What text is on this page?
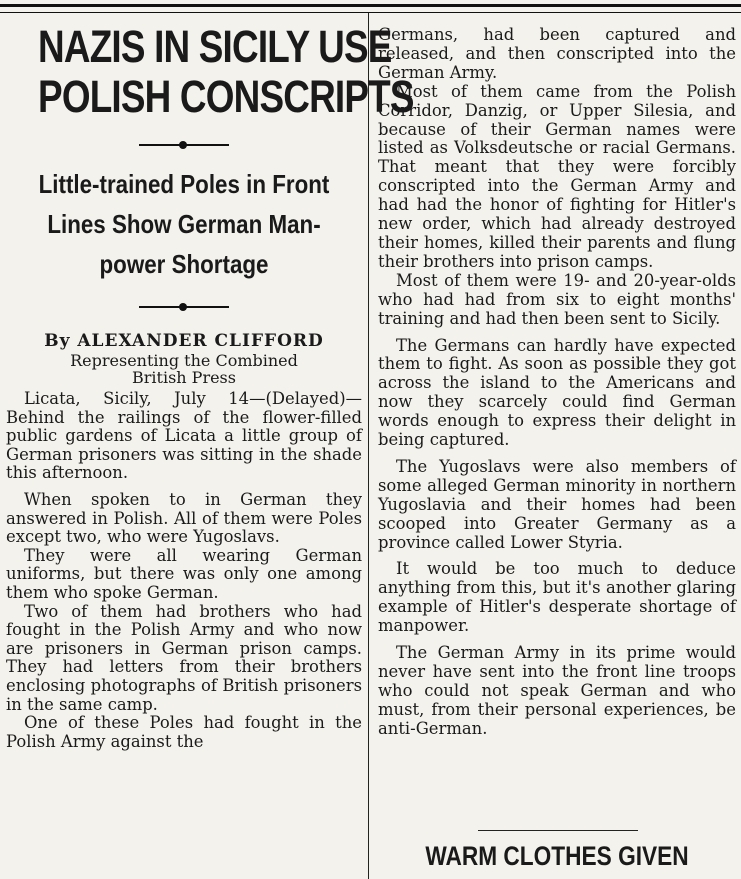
NAZIS IN SICILY USE
POLISH CONSCRIPTS
Little-trained Poles in Front
Lines Show German Man-
power Shortage

By ALEXANDER CLIFFORD

Representing the Combined

British Press

Licata, Sicily, July 14—(Delayed)—Behind the railings of the flower-filled public gardens of Licata a little group of German prisoners was sitting in the shade this afternoon.

When spoken to in German they answered in Polish. All of them were Poles except two, who were Yugoslavs.

They were all wearing German uniforms, but there was only one among them who spoke German.

Two of them had brothers who had fought in the Polish Army and who now are prisoners in German prison camps. They had letters from their brothers enclosing photographs of British prisoners in the same camp.

One of these Poles had fought in the Polish Army against the

Germans, had been captured and released, and then conscripted into the German Army.

Most of them came from the Polish Corridor, Danzig, or Upper Silesia, and because of their German names were listed as Volksdeutsche or racial Germans. That meant that they were forcibly conscripted into the German Army and had had the honor of fighting for Hitler's new order, which had already destroyed their homes, killed their parents and flung their brothers into prison camps.

Most of them were 19- and 20-year-olds who had had from six to eight months' training and had then been sent to Sicily.

The Germans can hardly have expected them to fight. As soon as possible they got across the island to the Americans and now they scarcely could find German words enough to express their delight in being captured.

The Yugoslavs were also members of some alleged German minority in northern Yugoslavia and their homes had been scooped into Greater Germany as a province called Lower Styria.

It would be too much to deduce anything from this, but it's another glaring example of Hitler's desperate shortage of manpower.

The German Army in its prime would never have sent into the front line troops who could not speak German and who must, from their personal experiences, be anti-German.

WARM CLOTHES GIVEN
